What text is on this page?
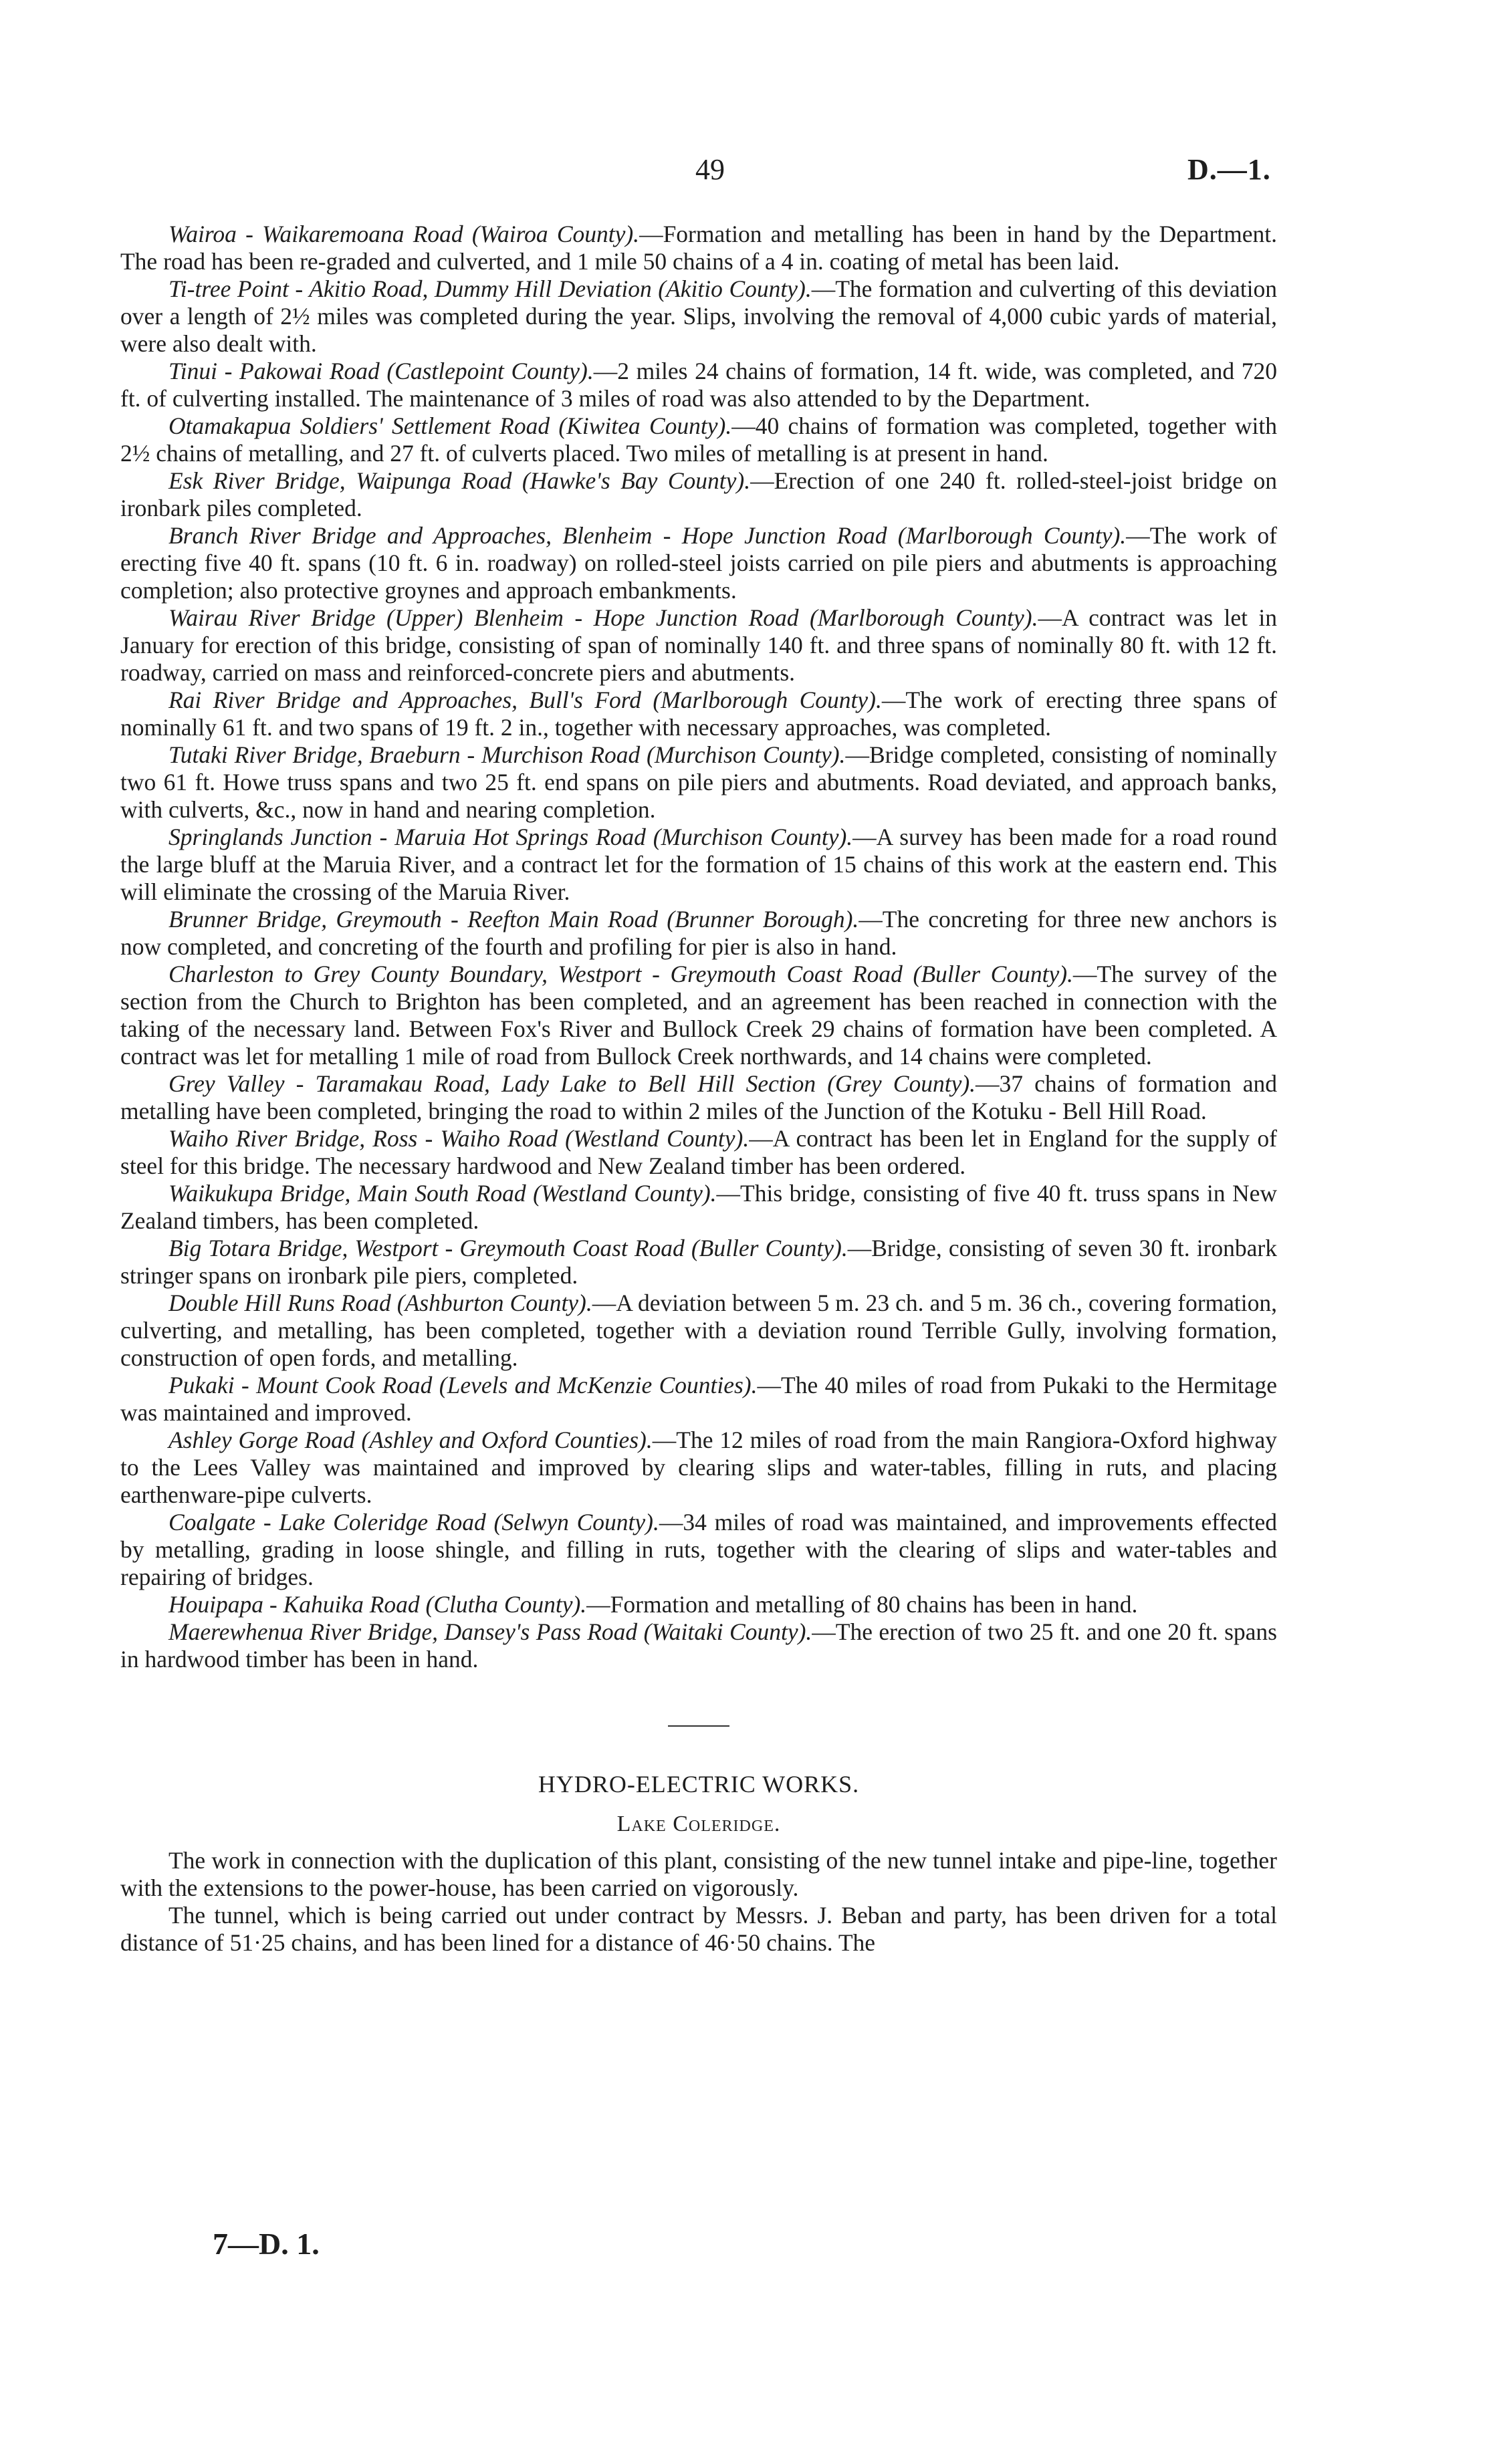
49	D.—1.

Wairoa - Waikaremoana Road (Wairoa County).—Formation and metalling has been in hand by the Department. The road has been re-graded and culverted, and 1 mile 50 chains of a 4 in. coating of metal has been laid.

Ti-tree Point - Akitio Road, Dummy Hill Deviation (Akitio County).—The formation and culverting of this deviation over a length of 2½ miles was completed during the year. Slips, involving the removal of 4,000 cubic yards of material, were also dealt with.

Tinui - Pakowai Road (Castlepoint County).—2 miles 24 chains of formation, 14 ft. wide, was completed, and 720 ft. of culverting installed. The maintenance of 3 miles of road was also attended to by the Department.

Otamakapua Soldiers' Settlement Road (Kiwitea County).—40 chains of formation was completed, together with 2½ chains of metalling, and 27 ft. of culverts placed. Two miles of metalling is at present in hand.

Esk River Bridge, Waipunga Road (Hawke's Bay County).—Erection of one 240 ft. rolled-steel-joist bridge on ironbark piles completed.

Branch River Bridge and Approaches, Blenheim - Hope Junction Road (Marlborough County).—The work of erecting five 40 ft. spans (10 ft. 6 in. roadway) on rolled-steel joists carried on pile piers and abutments is approaching completion; also protective groynes and approach embankments.

Wairau River Bridge (Upper) Blenheim - Hope Junction Road (Marlborough County).—A contract was let in January for erection of this bridge, consisting of span of nominally 140 ft. and three spans of nominally 80 ft. with 12 ft. roadway, carried on mass and reinforced-concrete piers and abutments.

Rai River Bridge and Approaches, Bull's Ford (Marlborough County).—The work of erecting three spans of nominally 61 ft. and two spans of 19 ft. 2 in., together with necessary approaches, was completed.

Tutaki River Bridge, Braeburn - Murchison Road (Murchison County).—Bridge completed, consisting of nominally two 61 ft. Howe truss spans and two 25 ft. end spans on pile piers and abutments. Road deviated, and approach banks, with culverts, &c., now in hand and nearing completion.

Springlands Junction - Maruia Hot Springs Road (Murchison County).—A survey has been made for a road round the large bluff at the Maruia River, and a contract let for the formation of 15 chains of this work at the eastern end. This will eliminate the crossing of the Maruia River.

Brunner Bridge, Greymouth - Reefton Main Road (Brunner Borough).—The concreting for three new anchors is now completed, and concreting of the fourth and profiling for pier is also in hand.

Charleston to Grey County Boundary, Westport - Greymouth Coast Road (Buller County).—The survey of the section from the Church to Brighton has been completed, and an agreement has been reached in connection with the taking of the necessary land. Between Fox's River and Bullock Creek 29 chains of formation have been completed. A contract was let for metalling 1 mile of road from Bullock Creek northwards, and 14 chains were completed.

Grey Valley - Taramakau Road, Lady Lake to Bell Hill Section (Grey County).—37 chains of formation and metalling have been completed, bringing the road to within 2 miles of the Junction of the Kotuku - Bell Hill Road.

Waiho River Bridge, Ross - Waiho Road (Westland County).—A contract has been let in England for the supply of steel for this bridge. The necessary hardwood and New Zealand timber has been ordered.

Waikukupa Bridge, Main South Road (Westland County).—This bridge, consisting of five 40 ft. truss spans in New Zealand timbers, has been completed.

Big Totara Bridge, Westport - Greymouth Coast Road (Buller County).—Bridge, consisting of seven 30 ft. ironbark stringer spans on ironbark pile piers, completed.

Double Hill Runs Road (Ashburton County).—A deviation between 5 m. 23 ch. and 5 m. 36 ch., covering formation, culverting, and metalling, has been completed, together with a deviation round Terrible Gully, involving formation, construction of open fords, and metalling.

Pukaki - Mount Cook Road (Levels and McKenzie Counties).—The 40 miles of road from Pukaki to the Hermitage was maintained and improved.

Ashley Gorge Road (Ashley and Oxford Counties).—The 12 miles of road from the main Rangiora-Oxford highway to the Lees Valley was maintained and improved by clearing slips and water-tables, filling in ruts, and placing earthenware-pipe culverts.

Coalgate - Lake Coleridge Road (Selwyn County).—34 miles of road was maintained, and improvements effected by metalling, grading in loose shingle, and filling in ruts, together with the clearing of slips and water-tables and repairing of bridges.

Houipapa - Kahuika Road (Clutha County).—Formation and metalling of 80 chains has been in hand.

Maerewhenua River Bridge, Dansey's Pass Road (Waitaki County).—The erection of two 25 ft. and one 20 ft. spans in hardwood timber has been in hand.

HYDRO-ELECTRIC WORKS.

Lake Coleridge.

The work in connection with the duplication of this plant, consisting of the new tunnel intake and pipe-line, together with the extensions to the power-house, has been carried on vigorously.

The tunnel, which is being carried out under contract by Messrs. J. Beban and party, has been driven for a total distance of 51·25 chains, and has been lined for a distance of 46·50 chains. The

7—D. 1.
